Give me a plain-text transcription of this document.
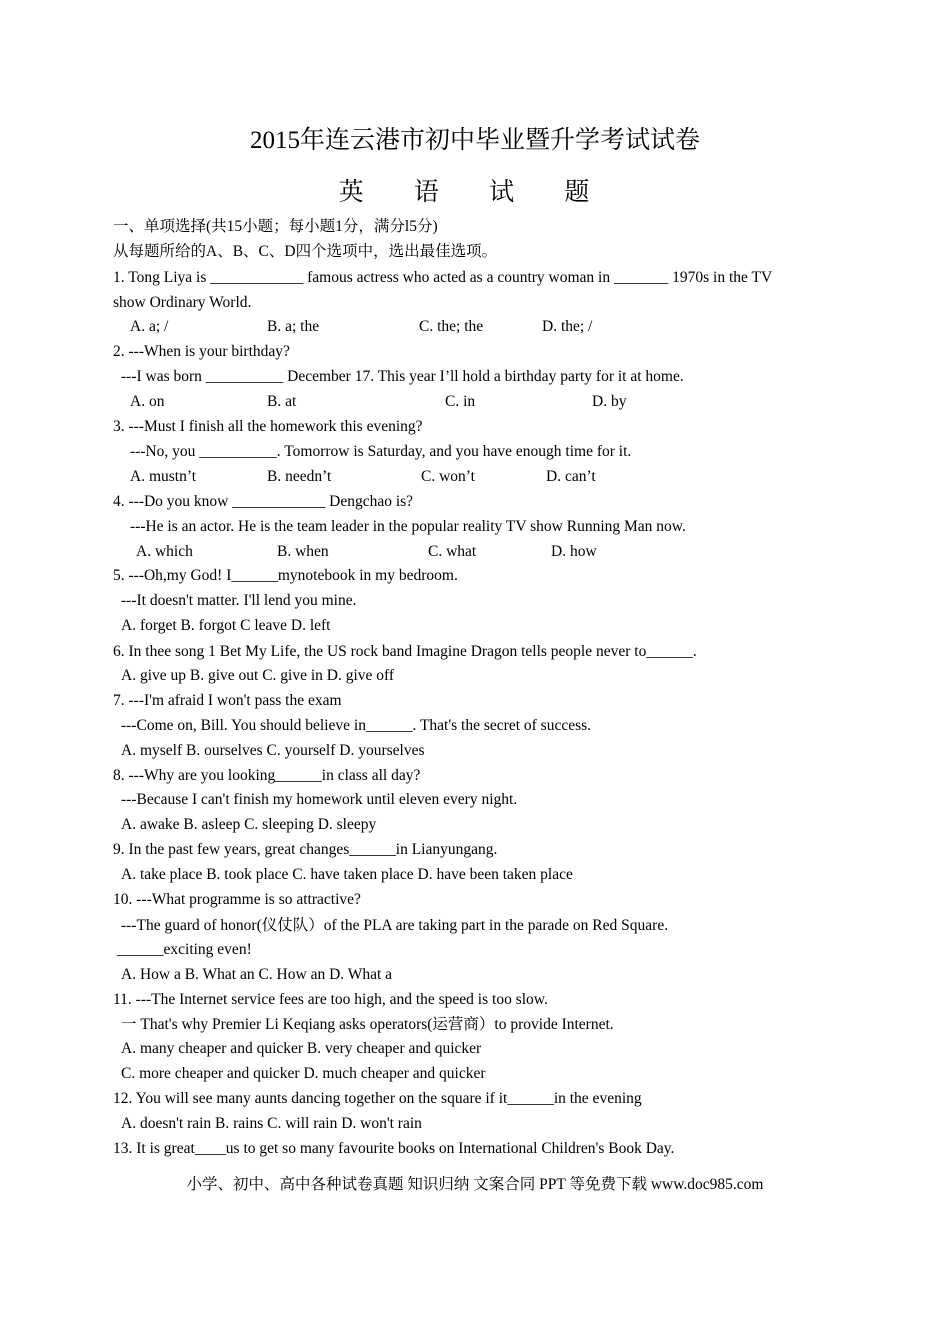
2015年连云港市初中毕业暨升学考试试卷
英 语 试 题
一、单项选择(共15小题；每小题1分，满分l5分)
从每题所给的A、B、C、D四个选项中，选出最佳选项。
1. Tong Liya is ____________ famous actress who acted as a country woman in _______ 1970s in the TV
show Ordinary World.
A. a; /	B. a; the	C. the; the	D. the; /
2. ---When is your birthday?
---I was born __________ December 17. This year I’ll hold a birthday party for it at home.
A. on	B. at	C. in	D. by
3. ---Must I finish all the homework this evening?
---No, you __________. Tomorrow is Saturday, and you have enough time for it.
A. mustn’t	B. needn’t	C. won’t	D. can’t
4. ---Do you know ____________ Dengchao is?
---He is an actor. He is the team leader in the popular reality TV show Running Man now.
A. which	B. when	C. what	D. how
5. ---Oh,my God! I______mynotebook in my bedroom.
---It doesn't matter. I'll lend you mine.
A. forget B. forgot C leave D. left
6. In thee song 1 Bet My Life, the US rock band Imagine Dragon tells people never to______.
A. give up B. give out C. give in D. give off
7. ---I'm afraid I won't pass the exam
---Come on, Bill. You should believe in______. That's the secret of success.
A. myself B. ourselves C. yourself D. yourselves
8. ---Why are you looking______in class all day?
---Because I can't finish my homework until eleven every night.
A. awake B. asleep C. sleeping D. sleepy
9. In the past few years, great changes______in Lianyungang.
A. take place B. took place C. have taken place D. have been taken place
10. ---What programme is so attractive?
---The guard of honor(仪仗队）of the PLA are taking part in the parade on Red Square.
______exciting even!
A. How a B. What an C. How an D. What a
11. ---The Internet service fees are too high, and the speed is too slow.
一 That's why Premier Li Keqiang asks operators(运营商）to provide Internet.
A. many cheaper and quicker B. very cheaper and quicker
C. more cheaper and quicker D. much cheaper and quicker
12. You will see many aunts dancing together on the square if it______in the evening
A. doesn't rain B. rains C. will rain D. won't rain
13. It is great____us to get so many favourite books on International Children's Book Day.
小学、初中、高中各种试卷真题 知识归纳 文案合同 PPT 等免费下载 www.doc985.com
